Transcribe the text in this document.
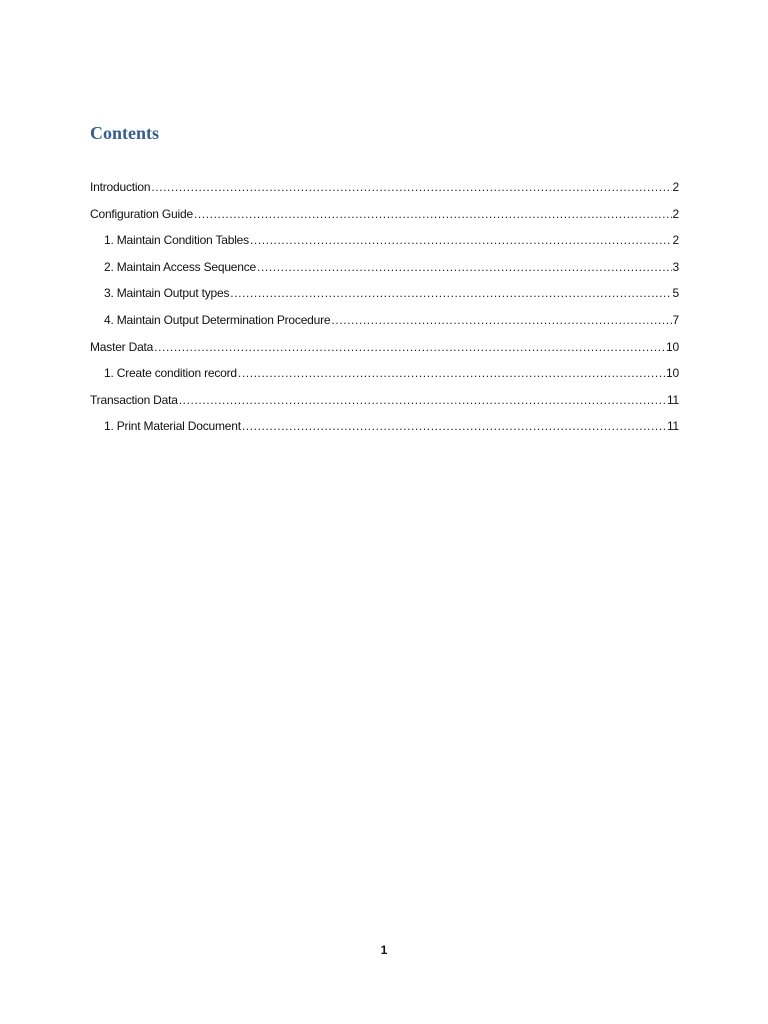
Contents
Introduction .....	2
Configuration Guide .....	2
1. Maintain Condition Tables .....	2
2. Maintain Access Sequence .....	3
3. Maintain Output types .....	5
4. Maintain Output Determination Procedure .....	7
Master Data .....	10
1. Create condition record .....	10
Transaction Data .....	11
1. Print Material Document .....	11
1
